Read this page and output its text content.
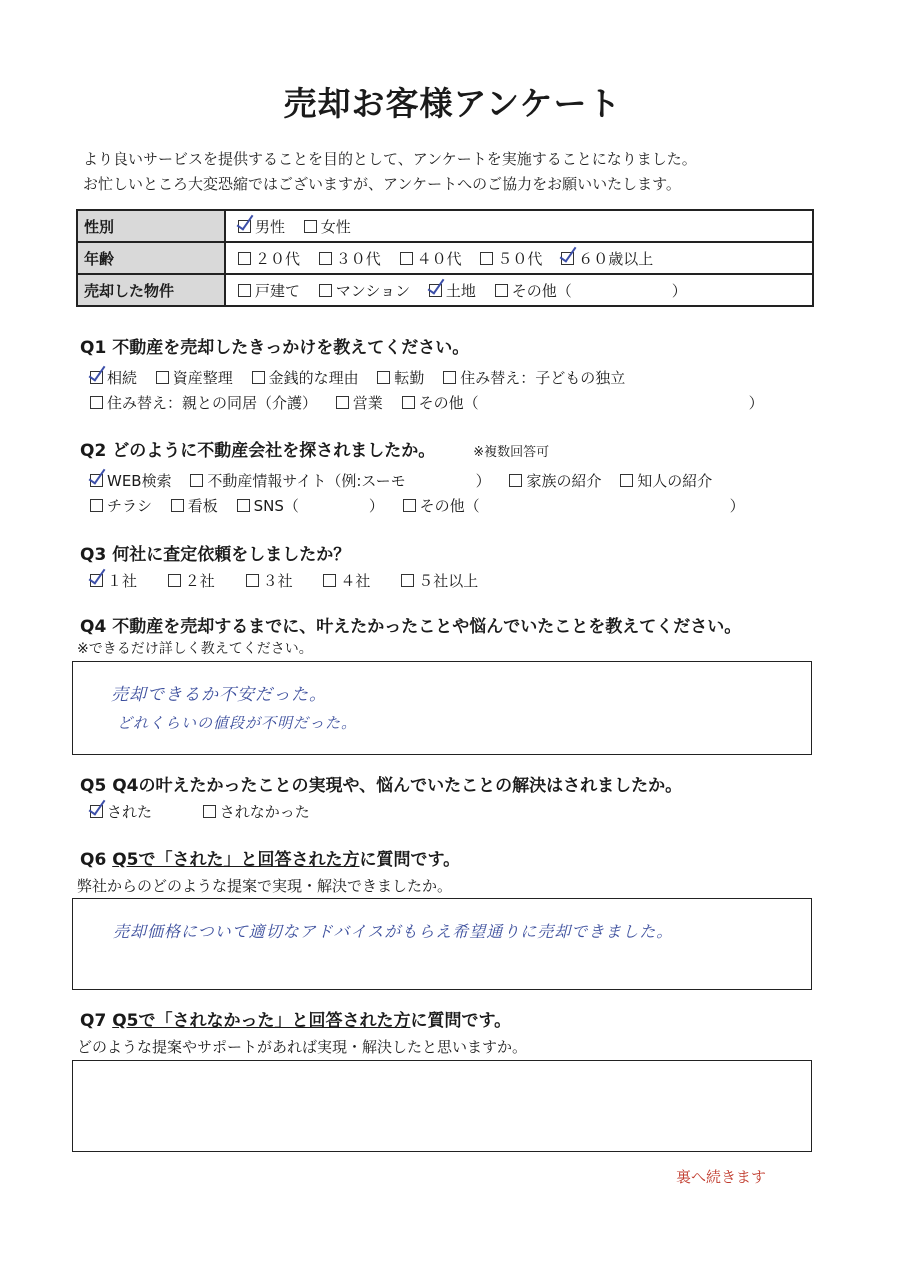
売却お客様アンケート
より良いサービスを提供することを目的として、アンケートを実施することになりました。
お忙しいところ大変恐縮ではございますが、アンケートへのご協力をお願いいたします。
性別	男性 女性
年齢	２０代 ３０代 ４０代 ５０代 ６０歳以上
売却した物件	戸建て マンション 土地 その他（ ）
Q1 不動産を売却したきっかけを教えてください。
相続 資産整理 金銭的な理由 転勤 住み替え：子どもの独立
住み替え：親との同居（介護） 営業 その他（	）
Q2 どのように不動産会社を探されましたか。	※複数回答可
WEB検索 不動産情報サイト（例:スーモ	） 家族の紹介 知人の紹介
チラシ 看板 SNS（	） その他（	）
Q3 何社に査定依頼をしましたか？
１社	２社	３社	４社	５社以上
Q4 不動産を売却するまでに、叶えたかったことや悩んでいたことを教えてください。
※できるだけ詳しく教えてください。
売却できるか不安だった。
どれくらいの値段が不明だった。
Q5 Q4の叶えたかったことの実現や、悩んでいたことの解決はされましたか。
された	されなかった
Q6 Q5で「された」と回答された方に質問です。
弊社からのどのような提案で実現・解決できましたか。
売却価格について適切なアドバイスがもらえ希望通りに売却できました。
Q7 Q5で「されなかった」と回答された方に質問です。
どのような提案やサポートがあれば実現・解決したと思いますか。
裏へ続きます
